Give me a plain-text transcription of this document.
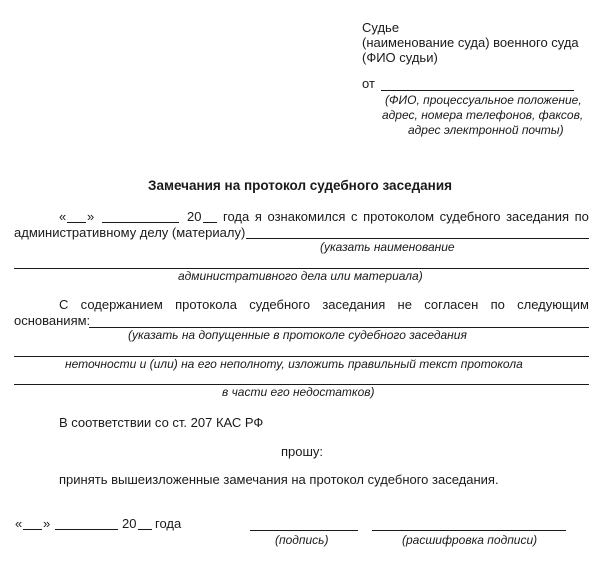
Судье
(наименование суда) военного суда
(ФИО судьи)
от
(ФИО, процессуальное положение,
адрес, номера телефонов, факсов,
адрес электронной почты)
Замечания на протокол судебного заседания
« »	20 года я ознакомился с протоколом судебного заседания по
административному делу (материалу)
(указать наименование
административного дела или материала)
С содержанием протокола судебного заседания не согласен по следующим
основаниям:
(указать на допущенные в протоколе судебного заседания
неточности и (или) на его неполноту, изложить правильный текст протокола
в части его недостатков)
В соответствии со ст. 207 КАС РФ
прошу:
принять вышеизложенные замечания на протокол судебного заседания.
« »	20 года
(подпись)	(расшифровка подписи)
